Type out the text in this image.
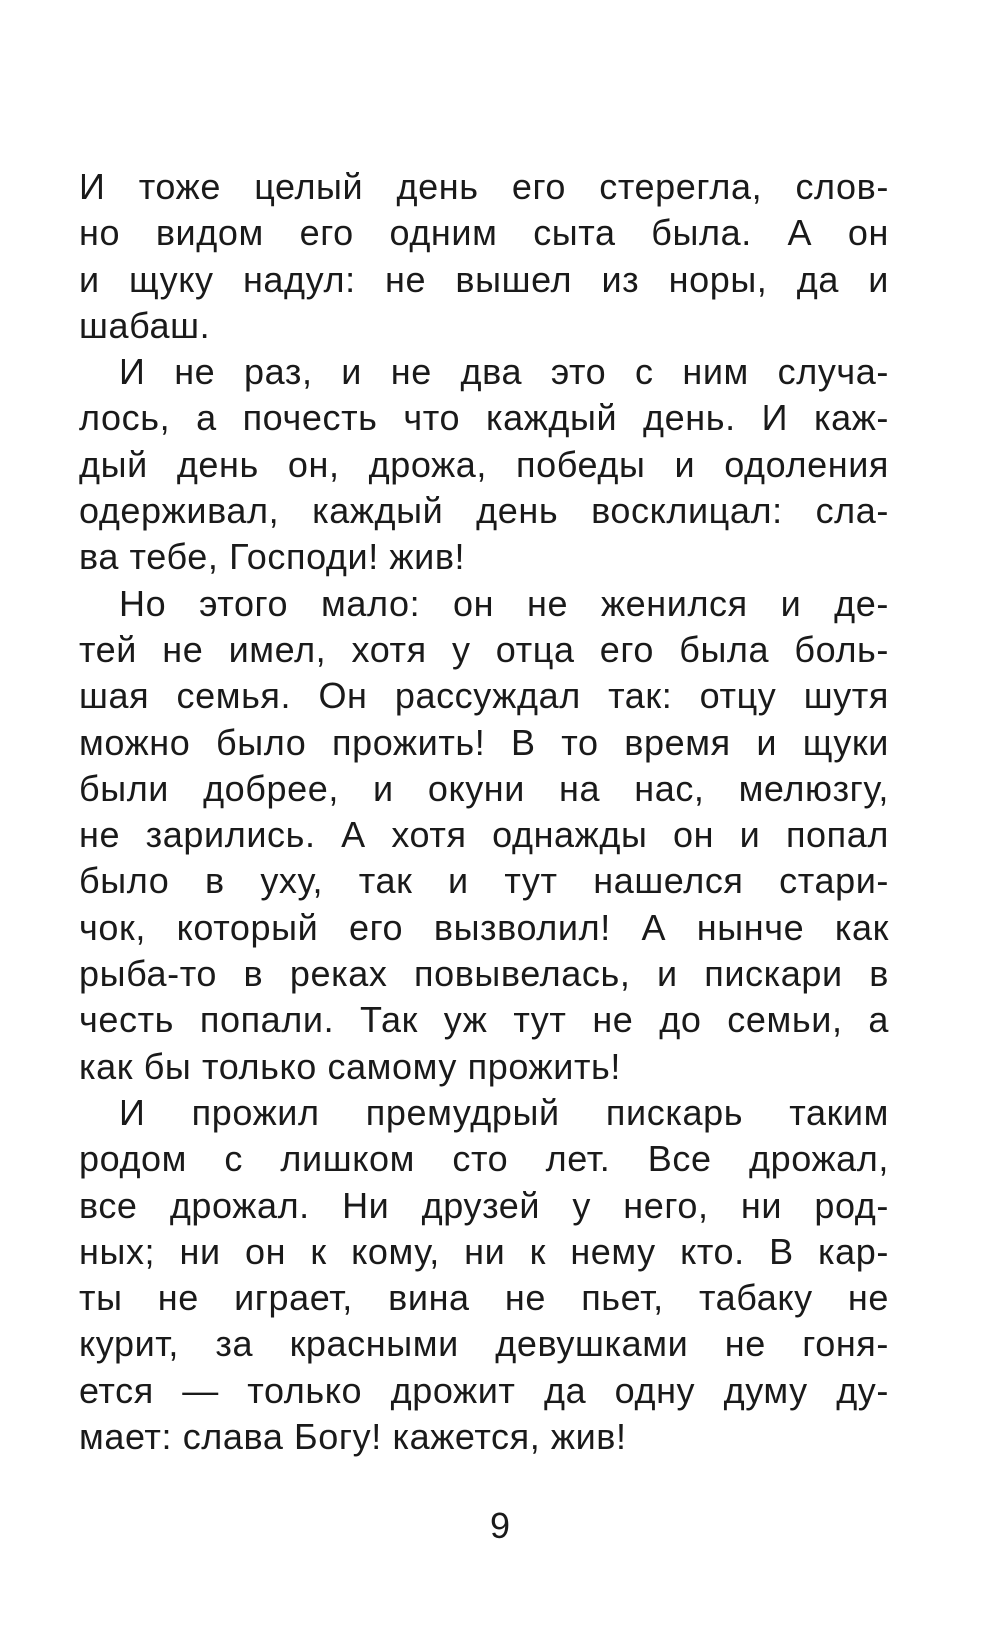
И тоже целый день его стерегла, слов-
но видом его одним сыта была. А он
и щуку надул: не вышел из норы, да и
шабаш.
И не раз, и не два это с ним случа-
лось, а почесть что каждый день. И каж-
дый день он, дрожа, победы и одоления
одерживал, каждый день восклицал: сла-
ва тебе, Господи! жив!
Но этого мало: он не женился и де-
тей не имел, хотя у отца его была боль-
шая семья. Он рассуждал так: отцу шутя
можно было прожить! В то время и щуки
были добрее, и окуни на нас, мелюзгу,
не зарились. А хотя однажды он и попал
было в уху, так и тут нашелся стари-
чок, который его вызволил! А нынче как
рыба-то в реках повывелась, и пискари в
честь попали. Так уж тут не до семьи, а
как бы только самому прожить!
И прожил премудрый пискарь таким
родом с лишком сто лет. Все дрожал,
все дрожал. Ни друзей у него, ни род-
ных; ни он к кому, ни к нему кто. В кар-
ты не играет, вина не пьет, табаку не
курит, за красными девушками не гоня-
ется — только дрожит да одну думу ду-
мает: слава Богу! кажется, жив!
9
